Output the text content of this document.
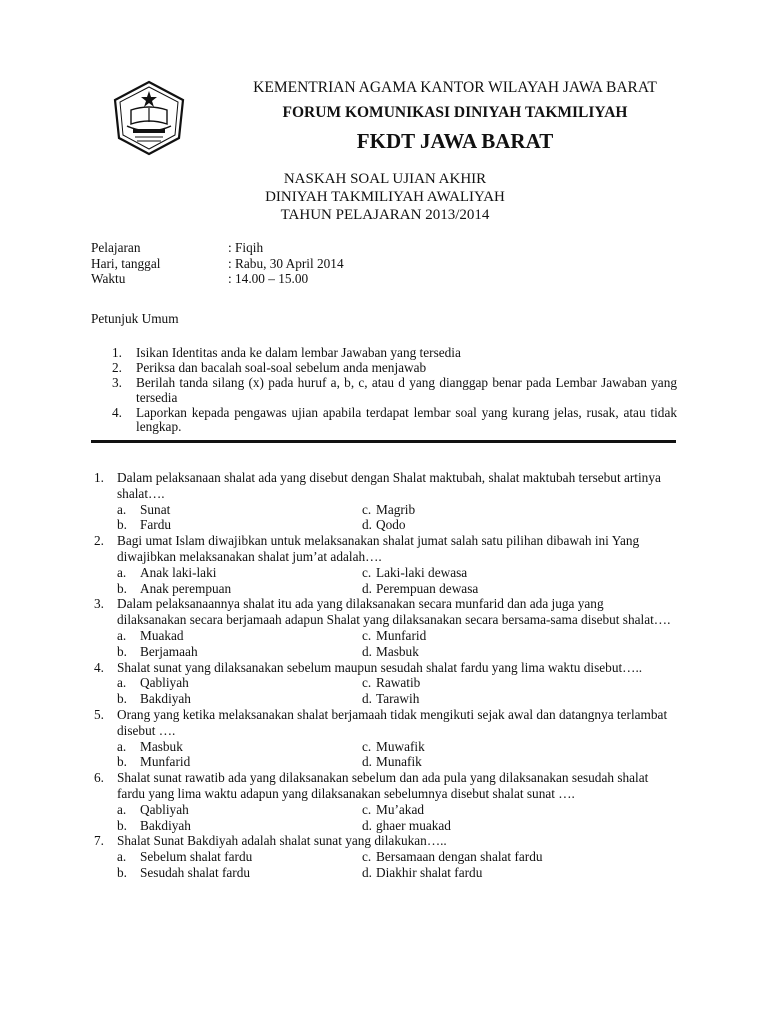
KEMENTRIAN AGAMA KANTOR WILAYAH JAWA BARAT
FORUM KOMUNIKASI DINIYAH TAKMILIYAH
FKDT JAWA BARAT
NASKAH SOAL UJIAN AKHIR
DINIYAH TAKMILIYAH AWALIYAH
TAHUN PELAJARAN 2013/2014
Pelajaran	: Fiqih
Hari, tanggal	: Rabu, 30 April 2014
Waktu	: 14.00 – 15.00
Petunjuk Umum
1. Isikan Identitas anda ke dalam lembar Jawaban yang tersedia
2. Periksa dan bacalah soal-soal sebelum anda menjawab
3. Berilah tanda silang (x) pada huruf a, b, c, atau d yang dianggap benar pada Lembar Jawaban yang tersedia
4. Laporkan kepada pengawas ujian apabila terdapat lembar soal yang kurang jelas, rusak, atau tidak lengkap.
1. Dalam pelaksanaan shalat ada yang disebut dengan Shalat maktubah, shalat maktubah tersebut artinya shalat….
a.	Sunat	c. Magrib
b. Fardu	d. Qodo
2. Bagi umat Islam diwajibkan untuk melaksanakan shalat jumat salah satu pilihan dibawah ini Yang diwajibkan melaksanakan shalat jum’at adalah….
a.	Anak laki-laki	c. Laki-laki dewasa
b. Anak perempuan	d. Perempuan dewasa
3. Dalam pelaksanaannya shalat itu ada yang dilaksanakan secara munfarid dan ada juga yang dilaksanakan secara berjamaah adapun Shalat yang dilaksanakan secara bersama-sama disebut shalat….
a.	Muakad	c. Munfarid
b. Berjamaah	d. Masbuk
4. Shalat sunat yang dilaksanakan sebelum maupun sesudah shalat fardu yang lima waktu disebut…..
a.	Qabliyah	c. Rawatib
b. Bakdiyah	d. Tarawih
5. Orang yang ketika melaksanakan shalat berjamaah tidak mengikuti sejak awal dan datangnya terlambat disebut ….
a.	Masbuk	c. Muwafik
b. Munfarid	d. Munafik
6. Shalat sunat rawatib ada yang dilaksanakan sebelum dan ada pula yang dilaksanakan sesudah shalat fardu yang lima waktu adapun yang dilaksanakan sebelumnya disebut shalat sunat ….
a.	Qabliyah	c. Mu’akad
b. Bakdiyah	d. ghaer muakad
7. Shalat Sunat Bakdiyah adalah shalat sunat yang dilakukan…..
a.	Sebelum shalat fardu	c. Bersamaan dengan shalat fardu
b. Sesudah shalat fardu	d. Diakhir shalat fardu
